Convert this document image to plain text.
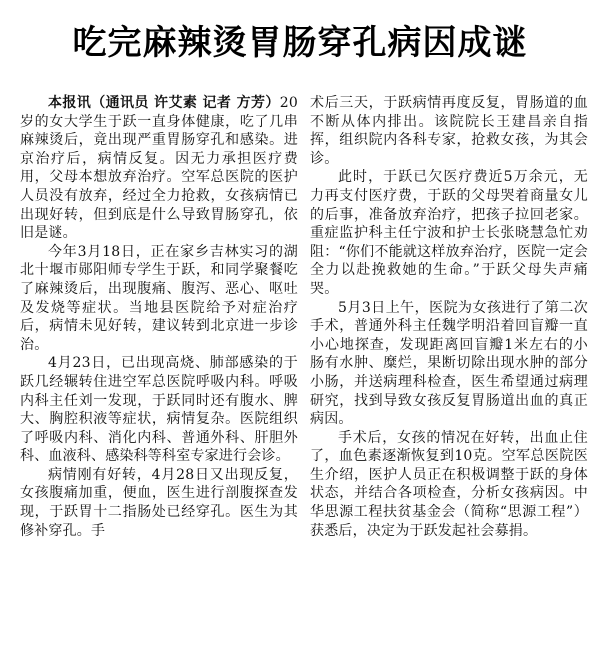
吃完麻辣烫胃肠穿孔病因成谜

本报讯（通讯员 许艾素 记者 方芳）20岁的女大学生于跃一直身体健康，吃了几串麻辣烫后，竟出现严重胃肠穿孔和感染。进京治疗后，病情反复。因无力承担医疗费用，父母本想放弃治疗。空军总医院的医护人员没有放弃，经过全力抢救，女孩病情已出现好转，但到底是什么导致胃肠穿孔，依旧是谜。

今年3月18日，正在家乡吉林实习的湖北十堰市郧阳师专学生于跃，和同学聚餐吃了麻辣烫后，出现腹痛、腹泻、恶心、呕吐及发烧等症状。当地县医院给予对症治疗后，病情未见好转，建议转到北京进一步诊治。

4月23日，已出现高烧、肺部感染的于跃几经辗转住进空军总医院呼吸内科。呼吸内科主任刘一发现，于跃同时还有腹水、脾大、胸腔积液等症状，病情复杂。医院组织了呼吸内科、消化内科、普通外科、肝胆外科、血液科、感染科等科室专家进行会诊。

病情刚有好转，4月28日又出现反复，女孩腹痛加重，便血，医生进行剖腹探查发现，于跃胃十二指肠处已经穿孔。医生为其修补穿孔。手

术后三天，于跃病情再度反复，胃肠道的血不断从体内排出。该院院长王建昌亲自指挥，组织院内各科专家，抢救女孩，为其会诊。

此时，于跃已欠医疗费近5万余元，无力再支付医疗费，于跃的父母哭着商量女儿的后事，准备放弃治疗，把孩子拉回老家。重症监护科主任宁波和护士长张晓慧急忙劝阻：“你们不能就这样放弃治疗，医院一定会全力以赴挽救她的生命。”于跃父母失声痛哭。

5月3日上午，医院为女孩进行了第二次手术，普通外科主任魏学明沿着回盲瓣一直小心地探查，发现距离回盲瓣1米左右的小肠有水肿、糜烂，果断切除出现水肿的部分小肠，并送病理科检查，医生希望通过病理研究，找到导致女孩反复胃肠道出血的真正病因。

手术后，女孩的情况在好转，出血止住了，血色素逐渐恢复到10克。空军总医院医生介绍，医护人员正在积极调整于跃的身体状态，并结合各项检查，分析女孩病因。中华思源工程扶贫基金会（简称“思源工程”）获悉后，决定为于跃发起社会募捐。
